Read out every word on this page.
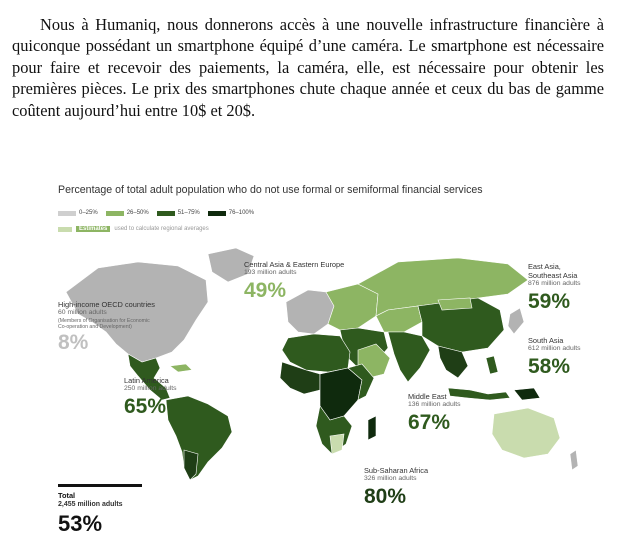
Nous à Humaniq, nous donnerons accès à une nouvelle infrastructure financière à quiconque possédant un smartphone équipé d’une caméra. Le smartphone est nécessaire pour faire et recevoir des paiements, la caméra, elle, est nécessaire pour obtenir les premières pièces. Le prix des smartphones chute chaque année et ceux du bas de gamme coûtent aujourd’hui entre 10$ et 20$.

Percentage of total adult population who do not use formal or semiformal financial services
0–25%	26–50%	51–75%	76–100%
Estimates	used to calculate regional averages
High-income OECD countries
60 million adults
(Members of Organisation for Economic
Co-operation and Development)
8%
Central Asia & Eastern Europe
193 million adults
49%
East Asia,
Southeast Asia
876 million adults
59%
South Asia
612 million adults
58%
Latin America
250 million adults
65%	Middle East
136 million adults
67%
Sub-Saharan Africa
326 million adults
80%
Total
2,455 million adults
53%
